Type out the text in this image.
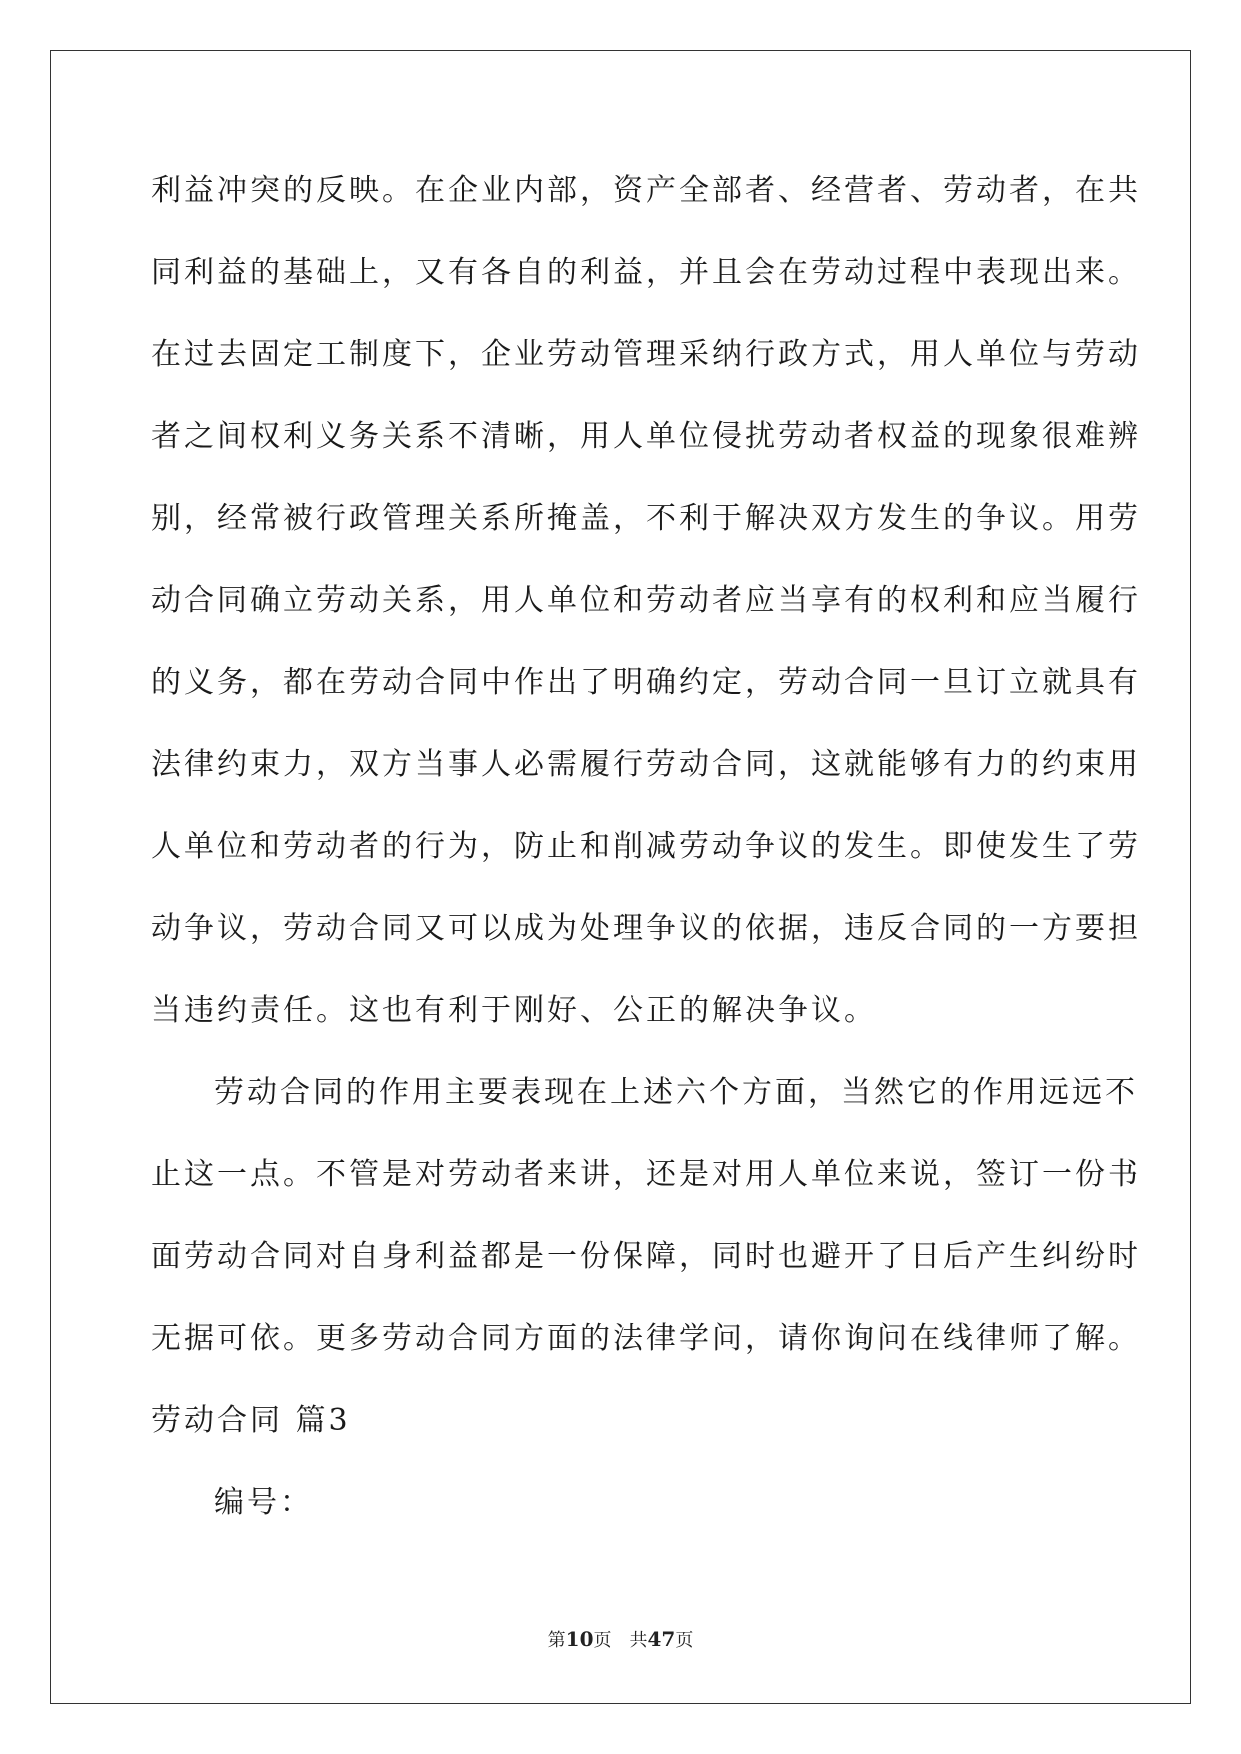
利益冲突的反映。在企业内部，资产全部者、经营者、劳动者，在共
同利益的基础上，又有各自的利益，并且会在劳动过程中表现出来。
在过去固定工制度下，企业劳动管理采纳行政方式，用人单位与劳动
者之间权利义务关系不清晰，用人单位侵扰劳动者权益的现象很难辨
别，经常被行政管理关系所掩盖，不利于解决双方发生的争议。用劳
动合同确立劳动关系，用人单位和劳动者应当享有的权利和应当履行
的义务，都在劳动合同中作出了明确约定，劳动合同一旦订立就具有
法律约束力，双方当事人必需履行劳动合同，这就能够有力的约束用
人单位和劳动者的行为，防止和削减劳动争议的发生。即使发生了劳
动争议，劳动合同又可以成为处理争议的依据，违反合同的一方要担
当违约责任。这也有利于刚好、公正的解决争议。
劳动合同的作用主要表现在上述六个方面，当然它的作用远远不
止这一点。不管是对劳动者来讲，还是对用人单位来说，签订一份书
面劳动合同对自身利益都是一份保障，同时也避开了日后产生纠纷时
无据可依。更多劳动合同方面的法律学问，请你询问在线律师了解。
劳动合同 篇3
编号：
第10页　共47页
